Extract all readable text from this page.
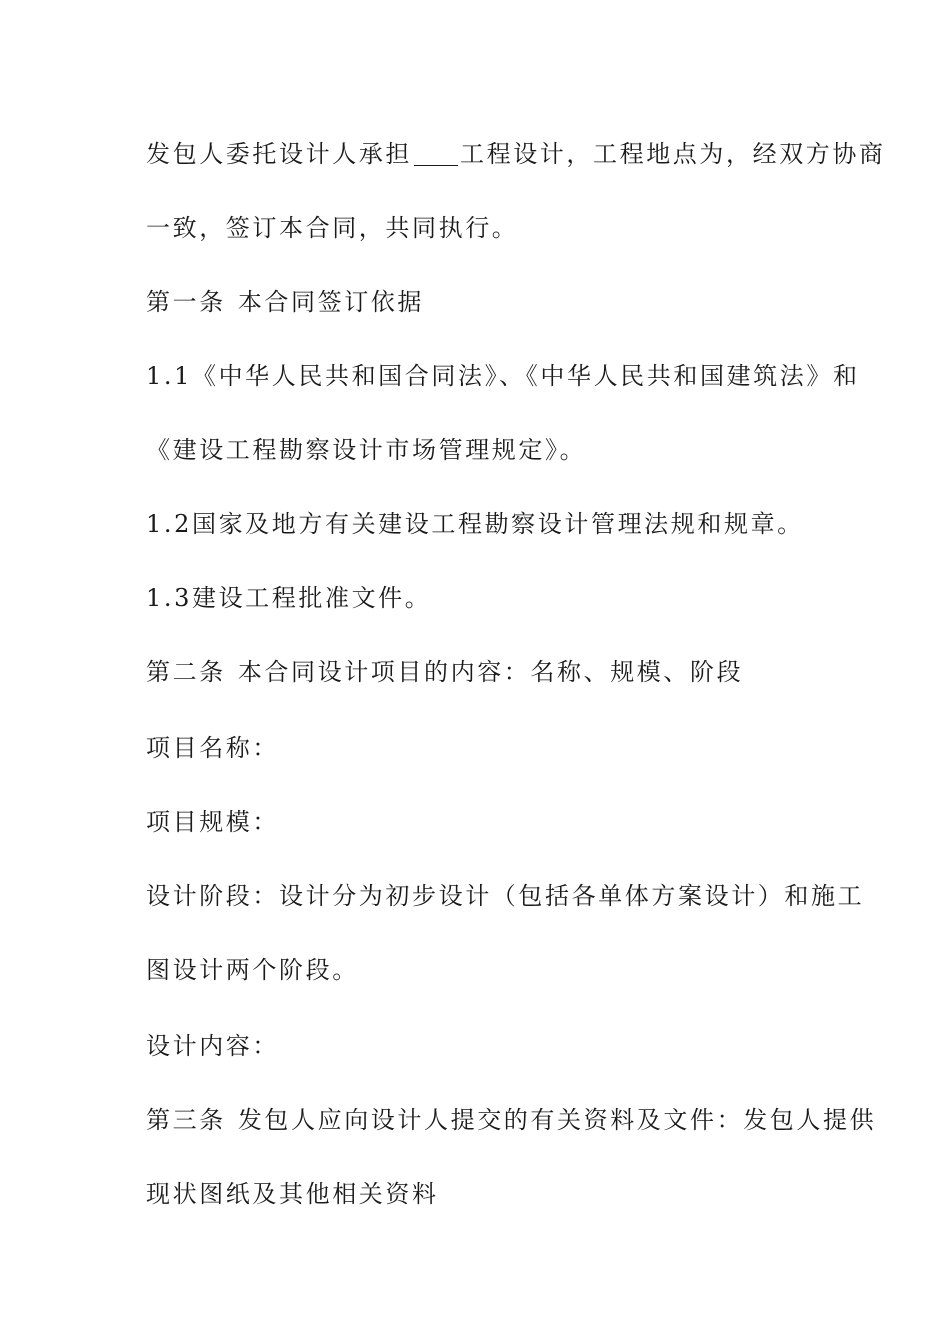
发包人委托设计人承担 工程设计，工程地点为，经双方协商
一致，签订本合同，共同执行。
第一条 本合同签订依据
1.1《中华人民共和国合同法》、《中华人民共和国建筑法》和
《建设工程勘察设计市场管理规定》。
1.2国家及地方有关建设工程勘察设计管理法规和规章。
1.3建设工程批准文件。
第二条 本合同设计项目的内容：名称、规模、阶段
项目名称：
项目规模：
设计阶段：设计分为初步设计（包括各单体方案设计）和施工
图设计两个阶段。
设计内容：
第三条 发包人应向设计人提交的有关资料及文件：发包人提供
现状图纸及其他相关资料
